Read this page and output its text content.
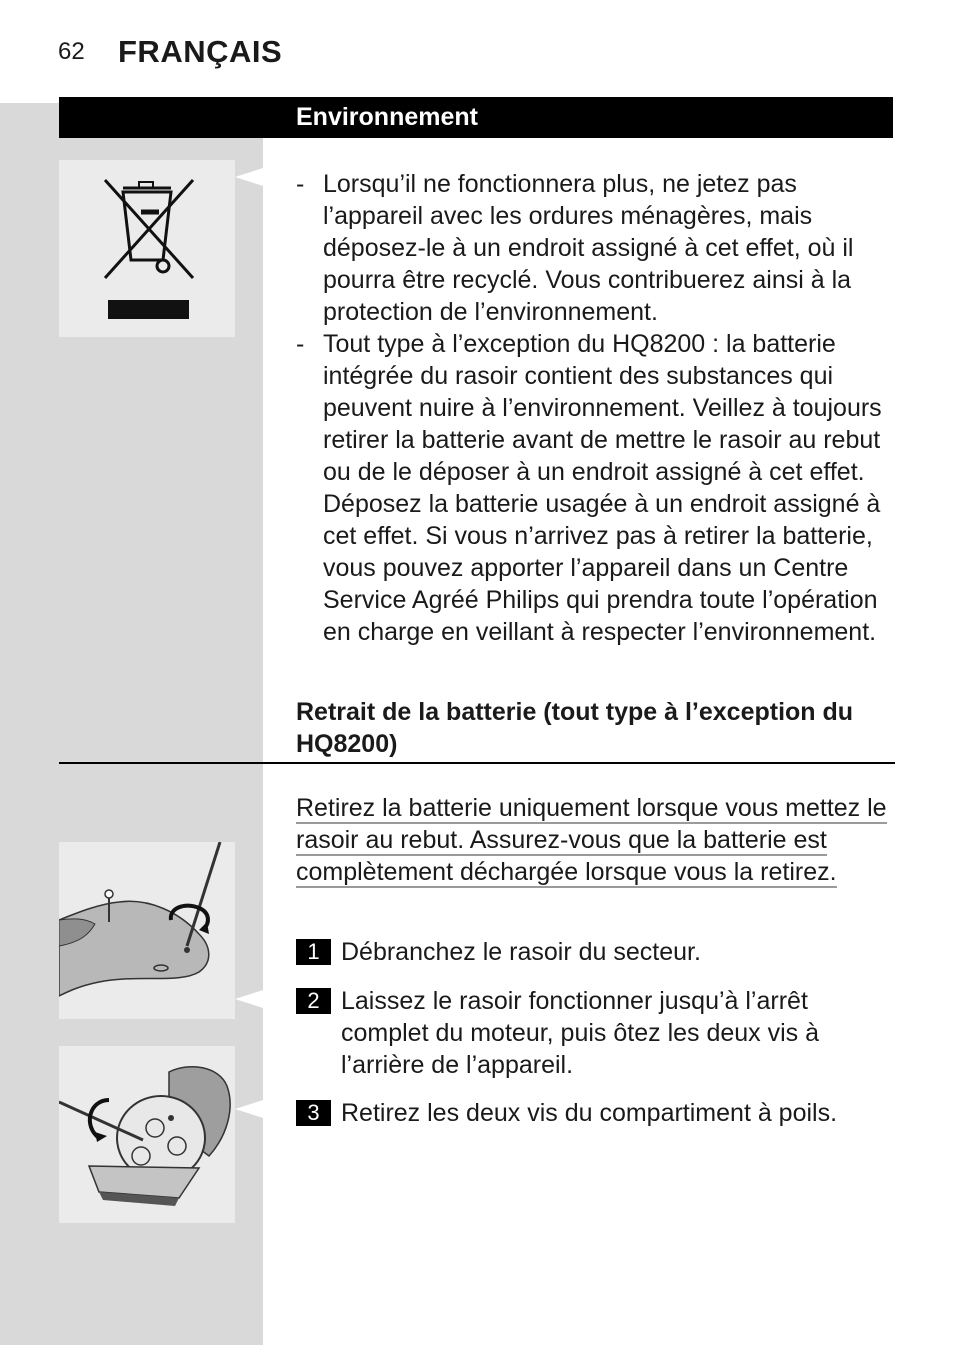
62 FRANÇAIS
Environnement
- Lorsqu’il ne fonctionnera plus, ne jetez pas l’appareil avec les ordures ménagères, mais déposez-le à un endroit assigné à cet effet, où il pourra être recyclé. Vous contribuerez ainsi à la protection de l’environnement.
- Tout type à l’exception du HQ8200 : la batterie intégrée du rasoir contient des substances qui peuvent nuire à l’environnement. Veillez à toujours retirer la batterie avant de mettre le rasoir au rebut ou de le déposer à un endroit assigné à cet effet. Déposez la batterie usagée à un endroit assigné à cet effet. Si vous n’arrivez pas à retirer la batterie, vous pouvez apporter l’appareil dans un Centre Service Agréé Philips qui prendra toute l’opération en charge en veillant à respecter l’environnement.
Retrait de la batterie (tout type à l’exception du HQ8200)
Retirez la batterie uniquement lorsque vous mettez le rasoir au rebut. Assurez-vous que la batterie est complètement déchargée lorsque vous la retirez.
1 Débranchez le rasoir du secteur.
2 Laissez le rasoir fonctionner jusqu’à l’arrêt complet du moteur, puis ôtez les deux vis à l’arrière de l’appareil.
3 Retirez les deux vis du compartiment à poils.
